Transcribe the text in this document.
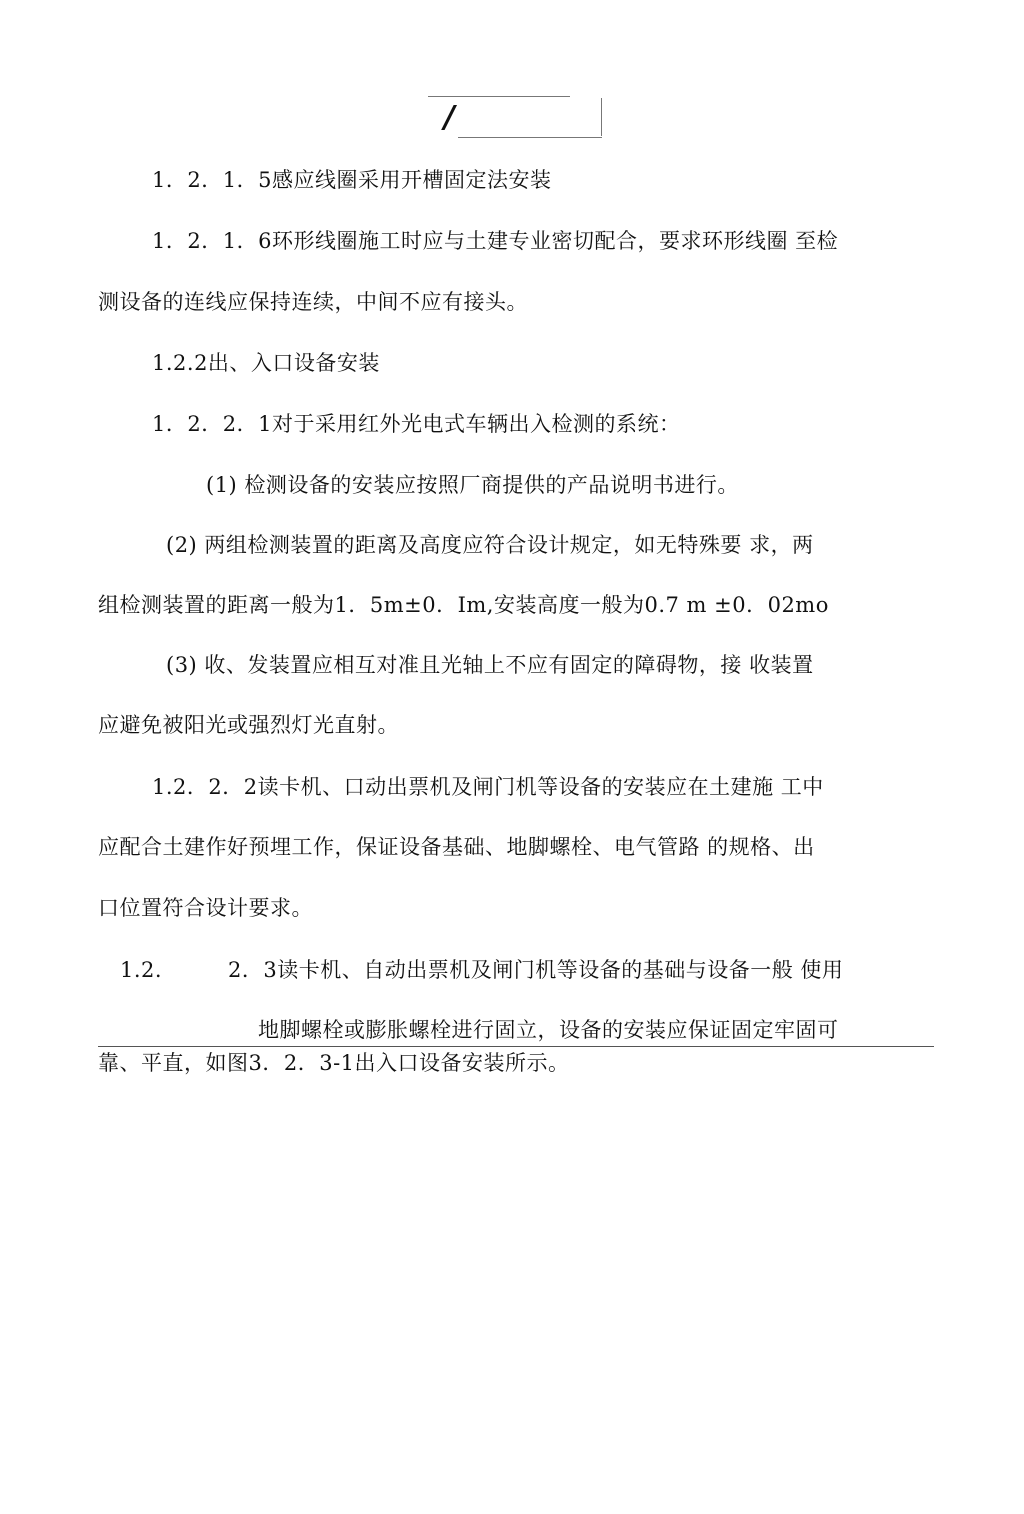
/
1．2．1．5感应线圈采用开槽固定法安装
1．2．1．6环形线圈施工时应与土建专业密切配合，要求环形线圈 至检
测设备的连线应保持连续，中间不应有接头。
1.2.2出、入口设备安装
1．2．2．1对于采用红外光电式车辆出入检测的系统：
(1) 检测设备的安装应按照厂商提供的产品说明书进行。
(2) 两组检测装置的距离及高度应符合设计规定，如无特殊要 求，两
组检测装置的距离一般为1．5m±0．Im,安装高度一般为0.7 m ±0．02mo
(3) 收、发装置应相互对准且光轴上不应有固定的障碍物，接 收装置
应避免被阳光或强烈灯光直射。
1.2．2．2读卡机、口动出票机及闸门机等设备的安装应在土建施 工中
应配合土建作好预埋工作，保证设备基础、地脚螺栓、电气管路 的规格、出
口位置符合设计要求。
1.2.	2．3读卡机、自动出票机及闸门机等设备的基础与设备一般 使用
地脚螺栓或膨胀螺栓进行固立，设备的安装应保证固定牢固可
靠、平直，如图3．2．3-1出入口设备安装所示。
